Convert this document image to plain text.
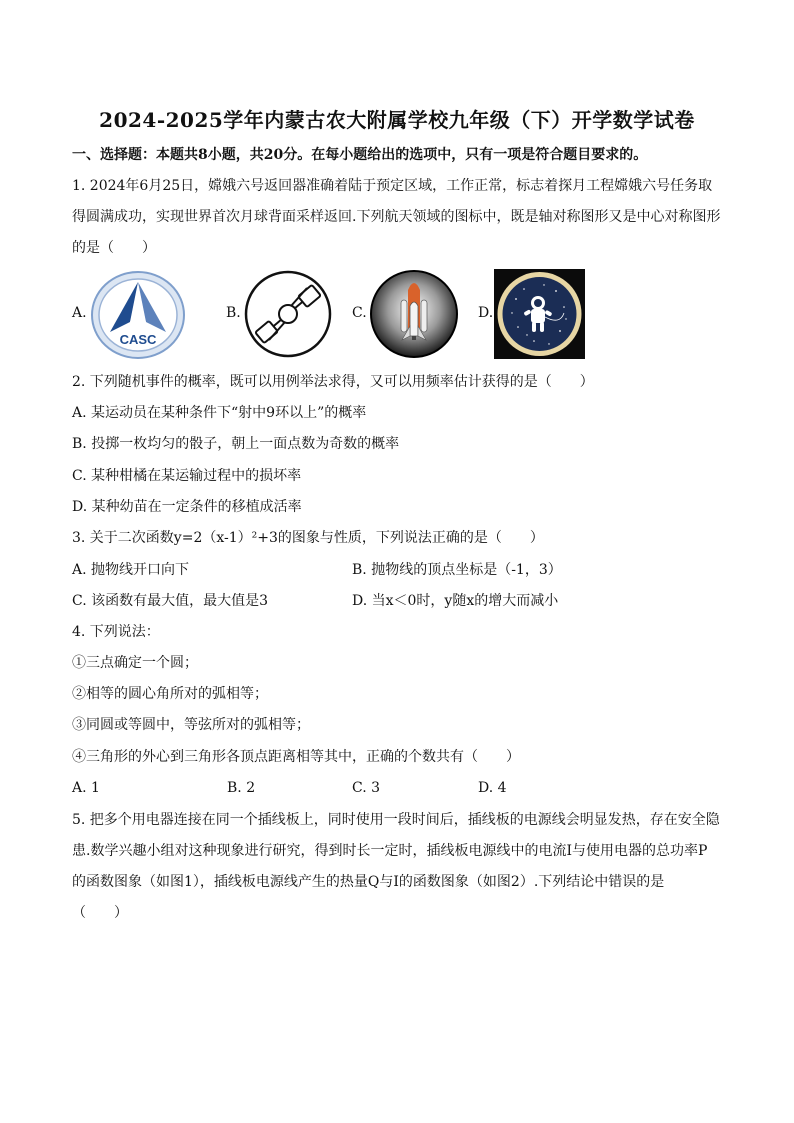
2024-2025学年内蒙古农大附属学校九年级（下）开学数学试卷
一、选择题：本题共8小题，共20分。在每小题给出的选项中，只有一项是符合题目要求的。
1. 2024年6月25日，嫦娥六号返回器准确着陆于预定区域，工作正常，标志着探月工程嫦娥六号任务取
得圆满成功，实现世界首次月球背面采样返回.下列航天领域的图标中，既是轴对称图形又是中心对称图形
的是（　　）
A.
CASC
B.	C.	D.
2. 下列随机事件的概率，既可以用例举法求得，又可以用频率估计获得的是（　　）
A. 某运动员在某种条件下“射中9环以上”的概率
B. 投掷一枚均匀的骰子，朝上一面点数为奇数的概率
C. 某种柑橘在某运输过程中的损坏率
D. 某种幼苗在一定条件的移植成活率
3. 关于二次函数y=2（x-1）²+3的图象与性质，下列说法正确的是（　　）
A. 抛物线开口向下	B. 抛物线的顶点坐标是（-1，3）
C. 该函数有最大值，最大值是3	D. 当x＜0时，y随x的增大而减小
4. 下列说法：
①三点确定一个圆；
②相等的圆心角所对的弧相等；
③同圆或等圆中，等弦所对的弧相等；
④三角形的外心到三角形各顶点距离相等其中，正确的个数共有（　　）
A. 1	B. 2	C. 3	D. 4
5. 把多个用电器连接在同一个插线板上，同时使用一段时间后，插线板的电源线会明显发热，存在安全隐
患.数学兴趣小组对这种现象进行研究，得到时长一定时，插线板电源线中的电流I与使用电器的总功率P
的函数图象（如图1），插线板电源线产生的热量Q与I的函数图象（如图2）.下列结论中错误的是
（　　）
